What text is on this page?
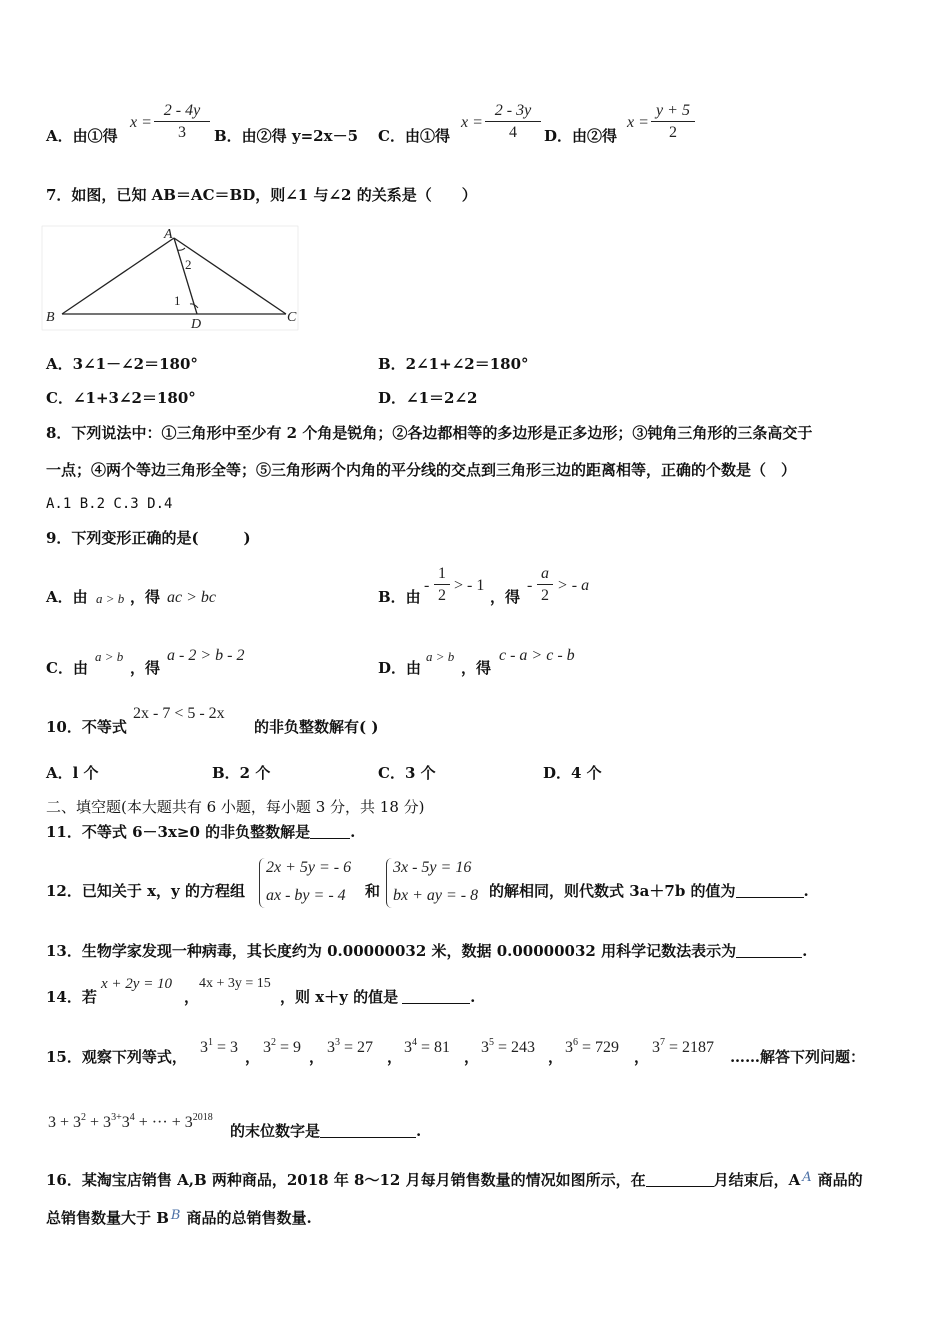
A．由①得
$x = \frac{2 - 4y}{3}$ B．由②得 y=2x－5 C．由①得
$x = \frac{2 - 3y}{4}$ D．由②得
$x = \frac{y + 5}{2}$
7．如图，已知 AB＝AC＝BD，则∠1 与∠2 的关系是（　　）
A
B	C
D
2
1
A．3∠1－∠2＝180°	B．2∠1+∠2＝180°
C．∠1+3∠2＝180°	D．∠1＝2∠2
8．下列说法中：①三角形中至少有 2 个角是锐角；②各边都相等的多边形是正多边形；③钝角三角形的三条高交于
一点；④两个等边三角形全等；⑤三角形两个内角的平分线的交点到三角形三边的距离相等，正确的个数是（　）
A.1 B.2 C.3 D.4
9．下列变形正确的是(　　　)
A．由 a > b ，得 ac > bc	B．由
- $\frac{1}{2}$ > - 1
，得
- $\frac{a}{2}$ > - a
C．由
a > b
，得
a - 2 > b - 2
D．由
a > b
，得
c - a > c - b
10．不等式
2x - 7 < 5 - 2x
的非负整数解有( )
A．l 个	B．2 个	C．3 个	D．4 个
二、填空题(本大题共有 6 小题，每小题 3 分，共 18 分)
11．不等式 6－3x≥0 的非负整数解是	.
12．已知关于 x，y 的方程组
2x + 5y = - 6
ax - by = - 4 和
3x - 5y = 16
bx + ay = - 8 的解相同，则代数式 3a＋7b 的值为	.
13．生物学家发现一种病毒，其长度约为 0.00000032 米，数据 0.00000032 用科学记数法表示为	.
14．若
x + 2y = 10
，
4x + 3y = 15
，则 x＋y 的值是	.
15．观察下列等式，
$3^1 = 3$
，
$3^2 = 9$
，
$3^3 = 27$
，
$3^4 = 81$
，
$3^5 = 243$
，
$3^6 = 729$
，
$3^7 = 2187$
……解答下列问题：
$3 + 3^2 + 3^{3+}3^4$ + ··· + $3^{2018}$
的末位数字是	.
16．某淘宝店销售 A,B 两种商品，2018 年 8～12 月每月销售数量的情况如图所示，在	月结束后，A A 商品的
总销售数量大于 B B 商品的总销售数量.
